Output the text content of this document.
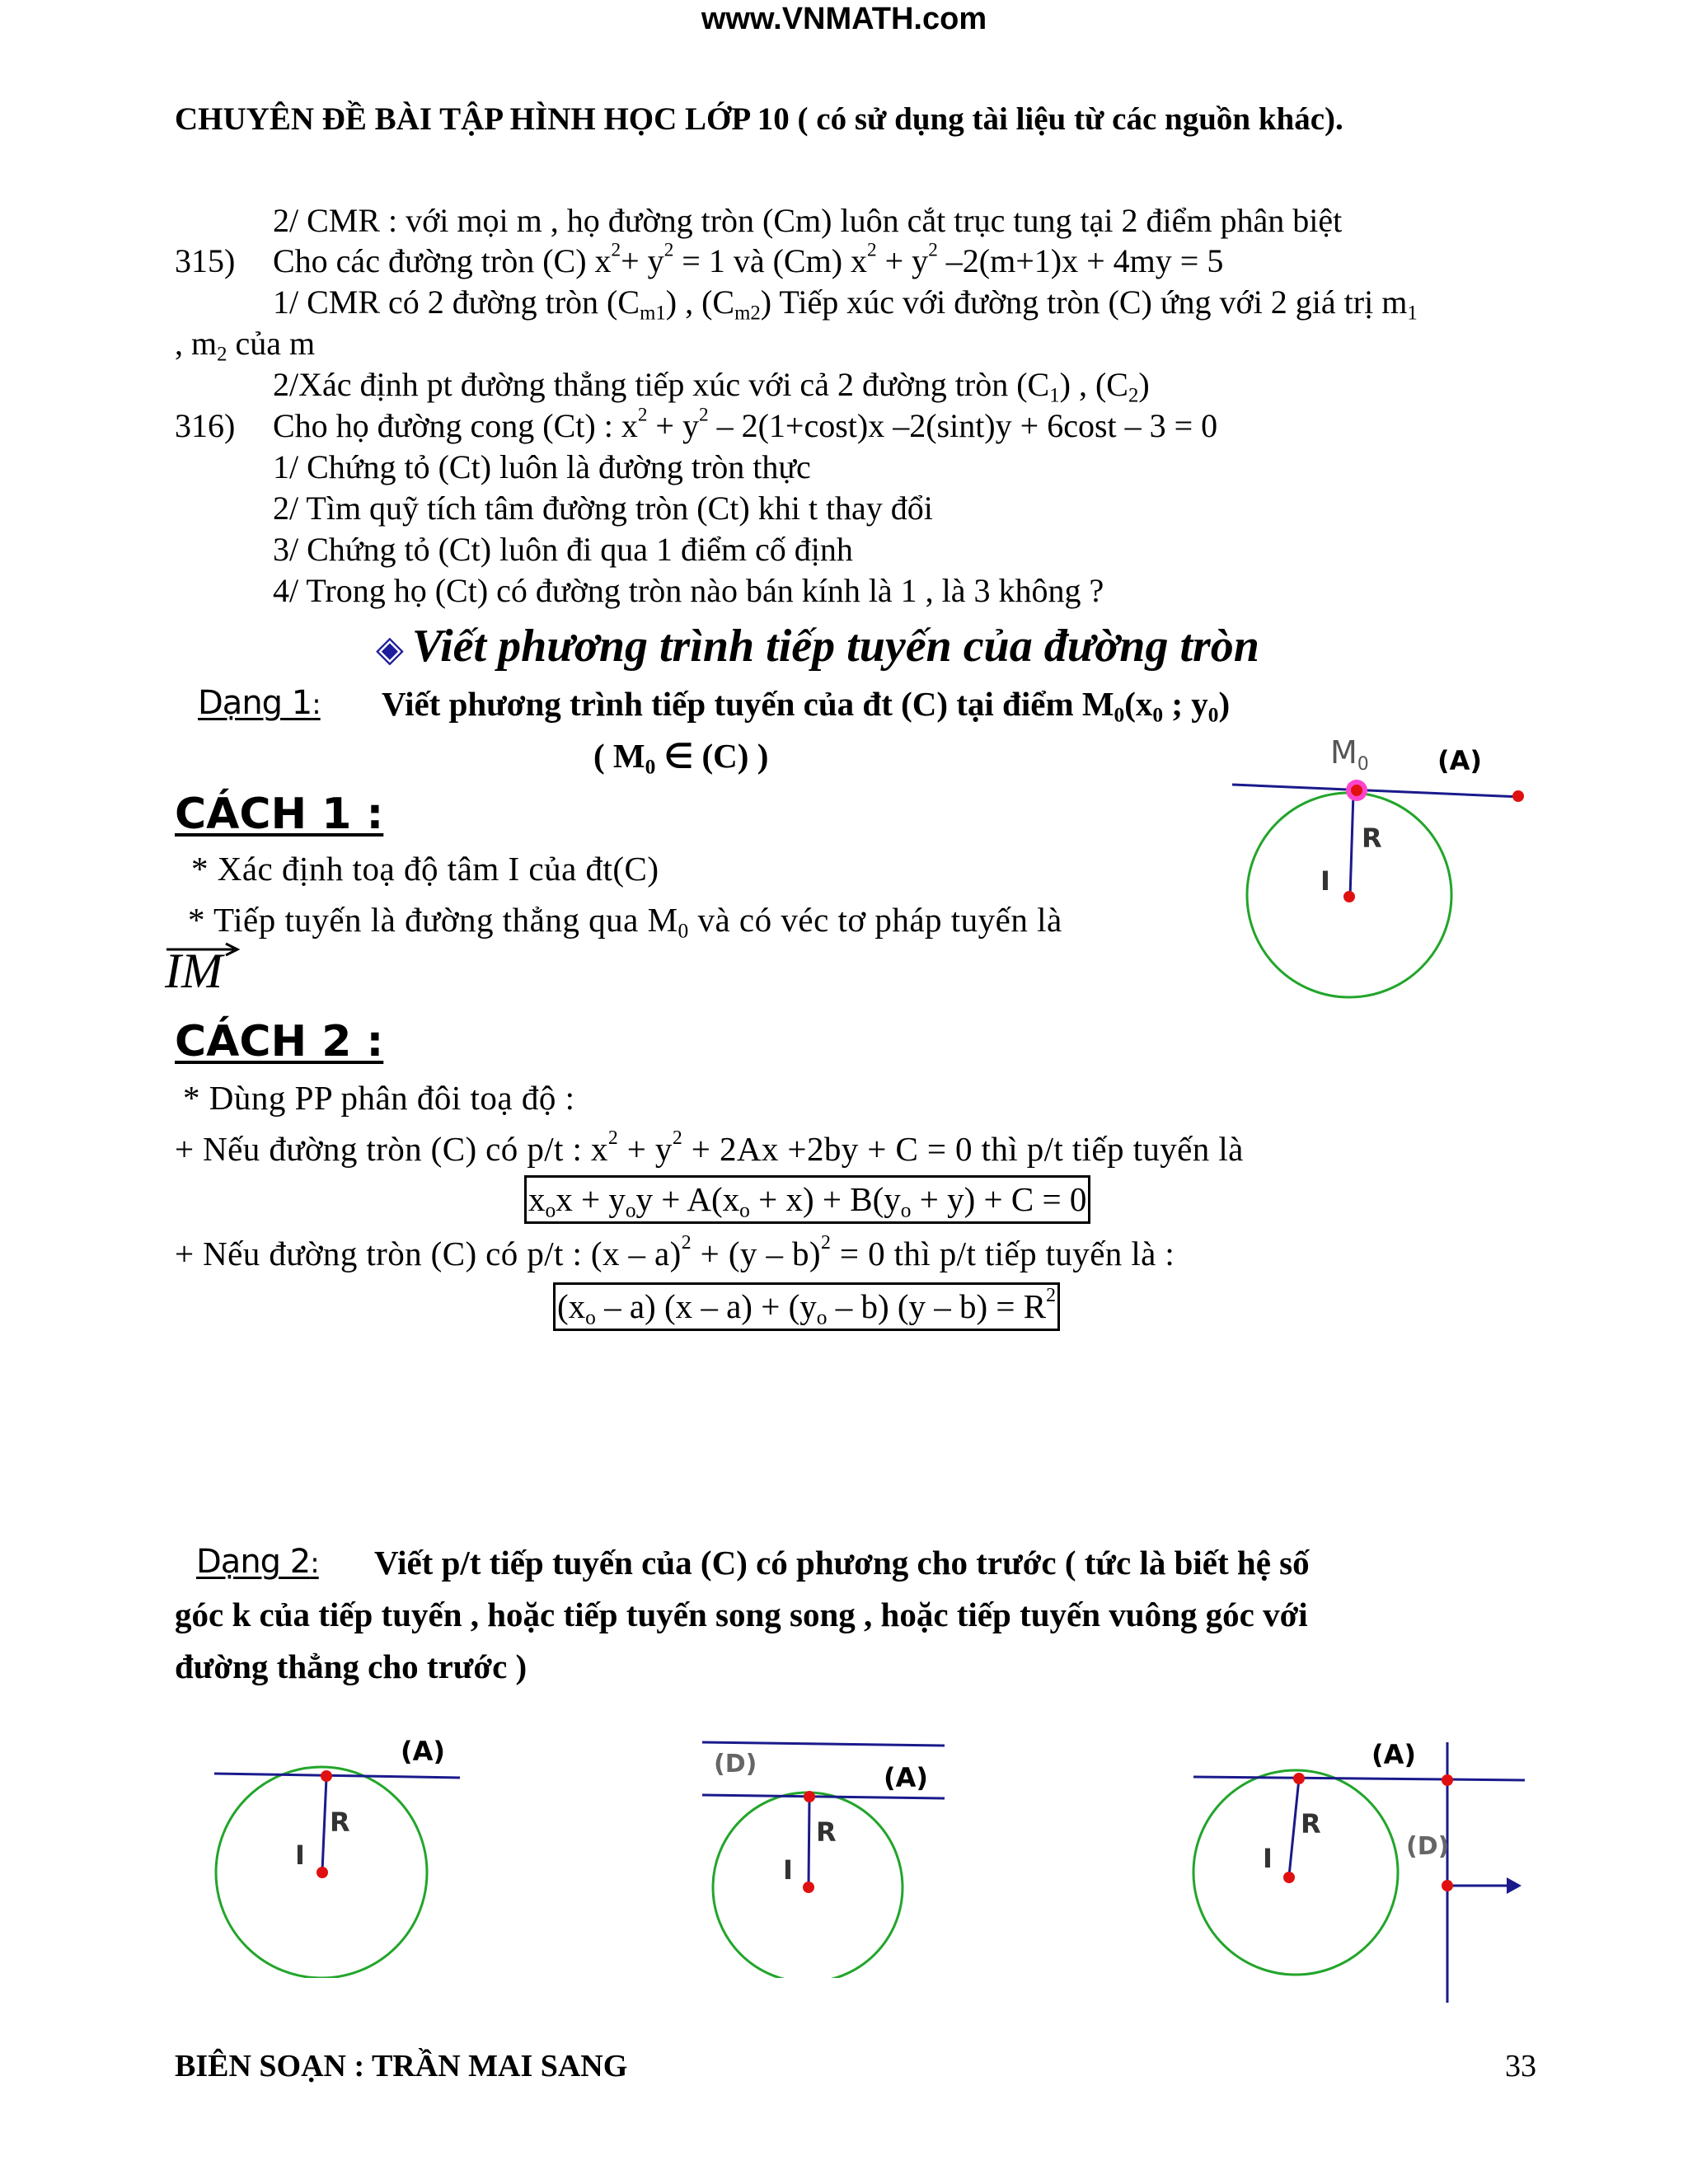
www.VNMATH.com
CHUYÊN ĐỀ BÀI TẬP HÌNH HỌC LỚP 10 ( có sử dụng tài liệu từ các nguồn khác).
2/ CMR : với mọi m , họ đường tròn (Cm) luôn cắt trục tung tại 2 điểm phân biệt
315) Cho các đường tròn (C) $x^2+ y^2 = 1$ và (Cm) $x^2 + y^2$ –2(m+1)x + 4my = 5
1/ CMR có 2 đường tròn $(C_{m1})$ , $(C_{m2})$ Tiếp xúc với đường tròn (C) ứng với 2 giá trị $m_1$
, $m_2$ của m
2/Xác định pt đường thẳng tiếp xúc với cả 2 đường tròn $(C_1)$ , $(C_2)$
316) Cho họ đường cong (Ct) : $x^2 + y^2 - 2(1+\cos t)x$ –2(sint)y + 6cost – 3 = 0
1/ Chứng tỏ (Ct) luôn là đường tròn thực
2/ Tìm quỹ tích tâm đường tròn (Ct) khi t thay đổi
3/ Chứng tỏ (Ct) luôn đi qua 1 điểm cố định
4/ Trong họ (Ct) có đường tròn nào bán kính là 1 , là 3 không ?
◈ Viết phương trình tiếp tuyến của đường tròn
Dạng 1: Viết phương trình tiếp tuyến của đt (C) tại điểm $M_0(x_0$ ; $y_0$)
( $M_0$ ∈ (C) )
CÁCH 1 :
* Xác định toạ độ tâm I của đt(C)
* Tiếp tuyến là đường thẳng qua $M_0$ và có véc tơ pháp tuyến là
IM
CÁCH 2 :
* Dùng PP phân đôi toạ độ :
+ Nếu đường tròn (C) có p/t : $x^2 + y^2 + 2Ax +2by + C = 0$ thì p/t tiếp tuyến là
$x_ox + y_oy + A(x_o + x) + B(y_o + y) + C = 0$
+ Nếu đường tròn (C) có p/t : (x – a)$^2$ + (y – b)$^2$ = 0 thì p/t tiếp tuyến là :
$(x_o - a)$ $(x - a) + (y_o - b)$ $(y - b) = R^2$
Dạng 2: Viết p/t tiếp tuyến của (C) có phương cho trước ( tức là biết hệ số
góc k của tiếp tuyến , hoặc tiếp tuyến song song , hoặc tiếp tuyến vuông góc với
đường thẳng cho trước )
$M_0$	(A)
R
I
(A)
R
I
(D)	(A)
R
I
(A)
(D)
R
I
BIÊN SOẠN : TRẦN MAI SANG	33
